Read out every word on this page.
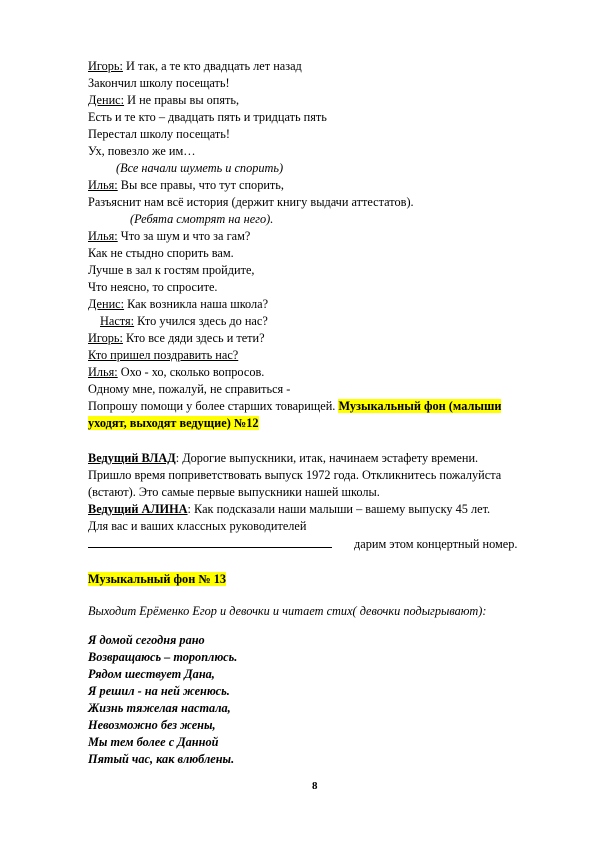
Игорь: И так, а те кто двадцать лет назад
Закончил школу посещать!
Денис: И не правы вы опять,
Есть и те кто – двадцать пять и тридцать пять
Перестал школу посещать!
Ух, повезло же им…
(Все начали шуметь и спорить)
Илья: Вы все правы, что тут спорить,
Разъяснит нам всё история (держит книгу выдачи аттестатов).
(Ребята смотрят на него).
Илья: Что за шум и что за гам?
Как не стыдно спорить вам.
Лучше в зал к гостям пройдите,
Что неясно, то спросите.
Денис: Как возникла наша школа?
Настя: Кто учился здесь до нас?
Игорь: Кто все дяди здесь и тети?
Кто пришел поздравить нас?
Илья: Охо - хо, сколько вопросов.
Одному мне, пожалуй, не справиться -
Попрошу помощи у более старших товарищей. Музыкальный фон (малыши
уходят, выходят ведущие) №12
Ведущий ВЛАД: Дорогие выпускники, итак, начинаем эстафету времени.
Пришло время поприветствовать выпуск 1972 года. Откликнитесь пожалуйста
(встают). Это самые первые выпускники нашей школы.
Ведущий АЛИНА: Как подсказали наши малыши – вашему выпуску 45 лет.
Для вас и ваших классных руководителей
дарим этом концертный номер.
Музыкальный фон № 13
Выходит Ерёменко Егор и девочки и читает стих( девочки подыгрывают):
Я домой сегодня рано
Возвращаюсь – тороплюсь.
Рядом шествует Дана,
Я решил - на ней женюсь.
Жизнь тяжелая настала,
Невозможно без жены,
Мы тем более с Данной
Пятый час, как влюблены.
8
